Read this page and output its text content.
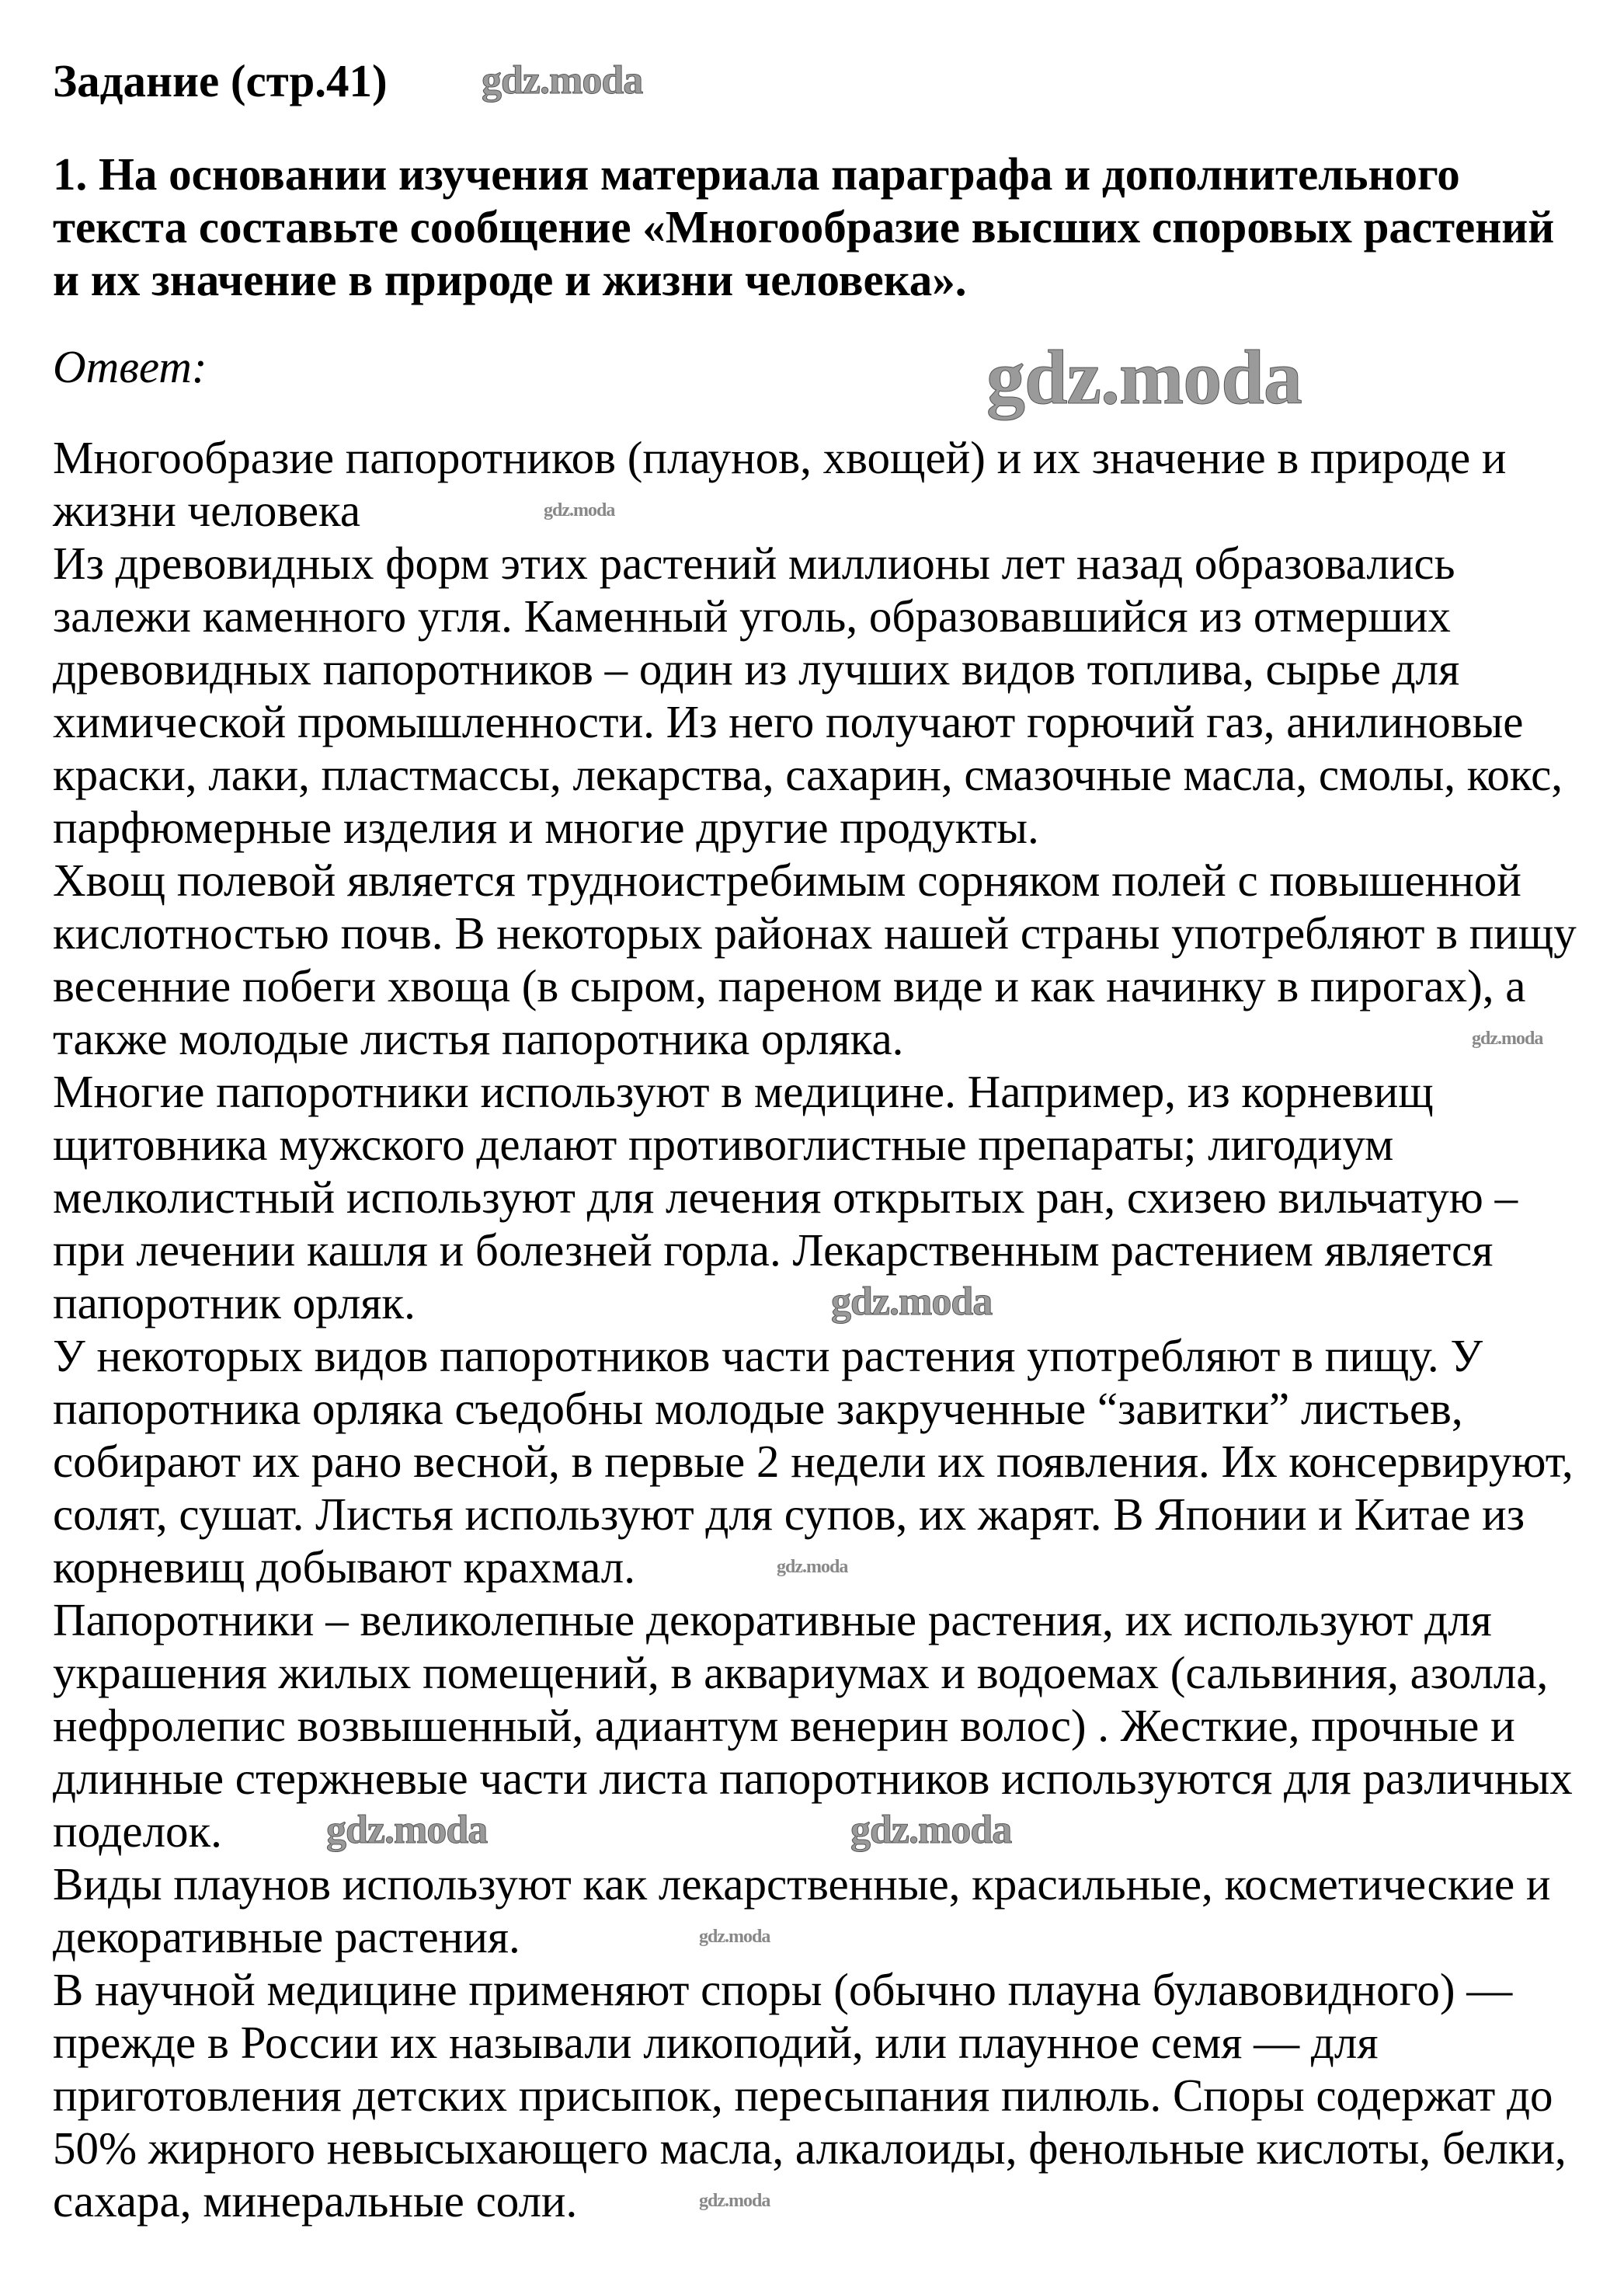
Задание (стр.41)
1. На основании изучения материала параграфа и дополнительного
текста составьте сообщение «Многообразие высших споровых растений
и их значение в природе и жизни человека».
Ответ:
Многообразие папоротников (плаунов, хвощей) и их значение в природе и
жизни человека
Из древовидных форм этих растений миллионы лет назад образовались
залежи каменного угля. Каменный уголь, образовавшийся из отмерших
древовидных папоротников – один из лучших видов топлива, сырье для
химической промышленности. Из него получают горючий газ, анилиновые
краски, лаки, пластмассы, лекарства, сахарин, смазочные масла, смолы, кокс,
парфюмерные изделия и многие другие продукты.
Хвощ полевой является трудноистребимым сорняком полей с повышенной
кислотностью почв. В некоторых районах нашей страны употребляют в пищу
весенние побеги хвоща (в сыром, пареном виде и как начинку в пирогах), а
также молодые листья папоротника орляка.
Многие папоротники используют в медицине. Например, из корневищ
щитовника мужского делают противоглистные препараты; лигодиум
мелколистный используют для лечения открытых ран, схизею вильчатую –
при лечении кашля и болезней горла. Лекарственным растением является
папоротник орляк.
У некоторых видов папоротников части растения употребляют в пищу. У
папоротника орляка съедобны молодые закрученные “завитки” листьев,
собирают их рано весной, в первые 2 недели их появления. Их консервируют,
солят, сушат. Листья используют для супов, их жарят. В Японии и Китае из
корневищ добывают крахмал.
Папоротники – великолепные декоративные растения, их используют для
украшения жилых помещений, в аквариумах и водоемах (сальвиния, азолла,
нефролепис возвышенный, адиантум венерин волос) . Жесткие, прочные и
длинные стержневые части листа папоротников используются для различных
поделок.
Виды плаунов используют как лекарственные, красильные, косметические и
декоративные растения.
В научной медицине применяют споры (обычно плауна булавовидного) —
прежде в России их называли ликоподий, или плаунное семя — для
приготовления детских присыпок, пересыпания пилюль. Споры содержат до
50% жирного невысыхающего масла, алкалоиды, фенольные кислоты, белки,
сахара, минеральные соли.
gdz.moda
gdz.moda
gdz.moda
gdz.moda
gdz.moda
gdz.moda
gdz.moda	gdz.moda
gdz.moda
gdz.moda
